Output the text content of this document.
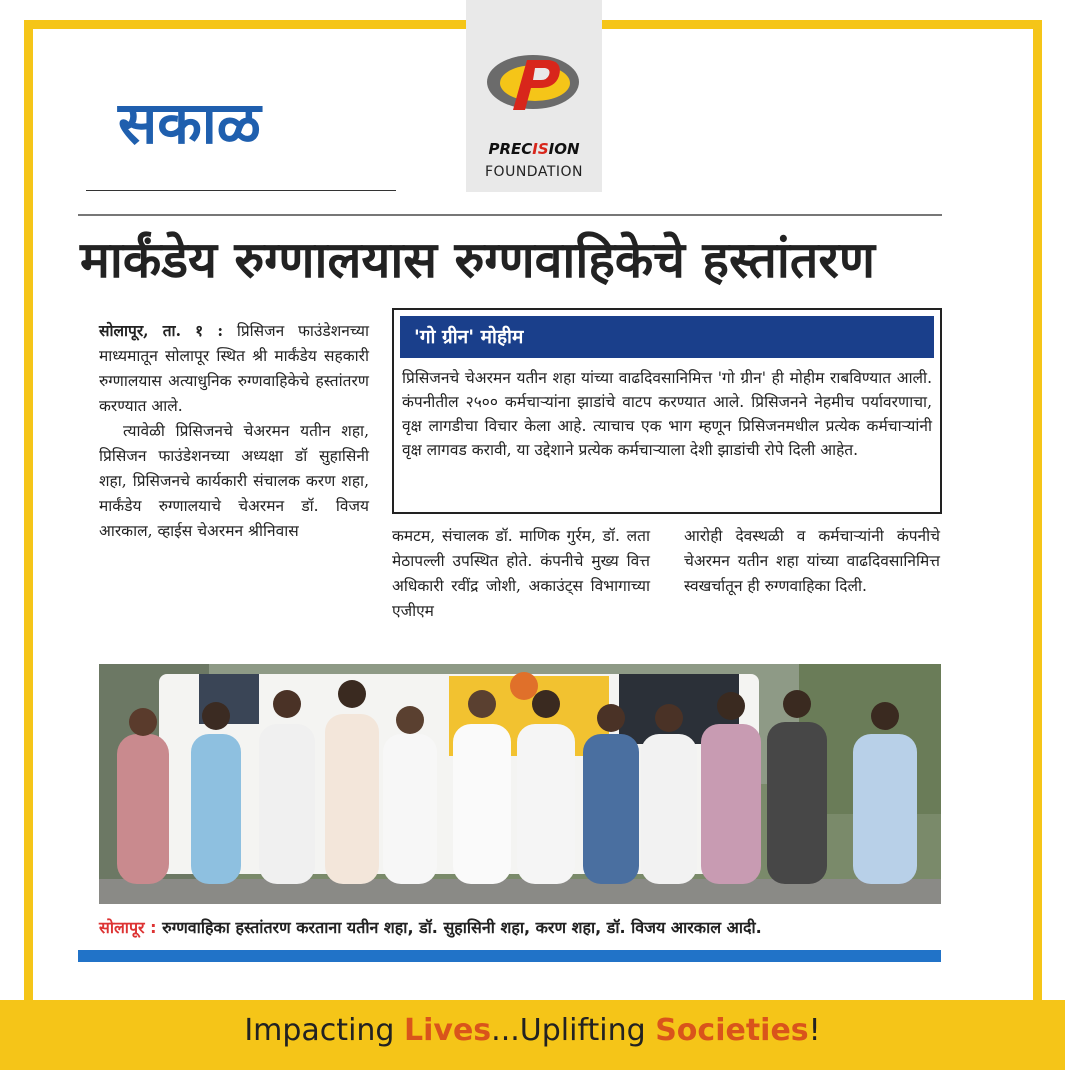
PRECISION
FOUNDATION
सकाळ
मार्कंडेय रुग्णालयास रुग्णवाहिकेचे हस्तांतरण

सोलापूर, ता. १ : प्रिसिजन फाउंडेशनच्या माध्यमातून सोलापूर स्थित श्री मार्कंडेय सहकारी रुग्णालयास अत्याधुनिक रुग्णवाहिकेचे हस्तांतरण करण्यात आले.

त्यावेळी प्रिसिजनचे चेअरमन यतीन शहा, प्रिसिजन फाउंडेशनच्या अध्यक्षा डॉ सुहासिनी शहा, प्रिसिजनचे कार्यकारी संचालक करण शहा, मार्कंडेय रुग्णालयाचे चेअरमन डॉ. विजय आरकाल, व्हाईस चेअरमन श्रीनिवास

'गो ग्रीन' मोहीम
प्रिसिजनचे चेअरमन यतीन शहा यांच्या वाढदिवसानिमित्त 'गो ग्रीन' ही मोहीम राबविण्यात आली. कंपनीतील २५०० कर्मचाऱ्यांना झाडांचे वाटप करण्यात आले. प्रिसिजनने नेहमीच पर्यावरणाचा, वृक्ष लागडीचा विचार केला आहे. त्याचाच एक भाग म्हणून प्रिसिजनमधील प्रत्येक कर्मचाऱ्यांनी वृक्ष लागवड करावी, या उद्देशाने प्रत्येक कर्मचाऱ्याला देशी झाडांची रोपे दिली आहेत.
कमटम, संचालक डॉ. माणिक गुर्रम, डॉ. लता मेठापल्ली उपस्थित होते. कंपनीचे मुख्य वित्त अधिकारी रवींद्र जोशी, अकाउंट्स विभागाच्या एजीएम
आरोही देवस्थळी व कर्मचाऱ्यांनी कंपनीचे चेअरमन यतीन शहा यांच्या वाढदिवसानिमित्त स्वखर्चातून ही रुग्णवाहिका दिली.
सोलापूर : रुग्णवाहिका हस्तांतरण करताना यतीन शहा, डॉ. सुहासिनी शहा, करण शहा, डॉ. विजय आरकाल आदी.
Impacting Lives...Uplifting Societies!
